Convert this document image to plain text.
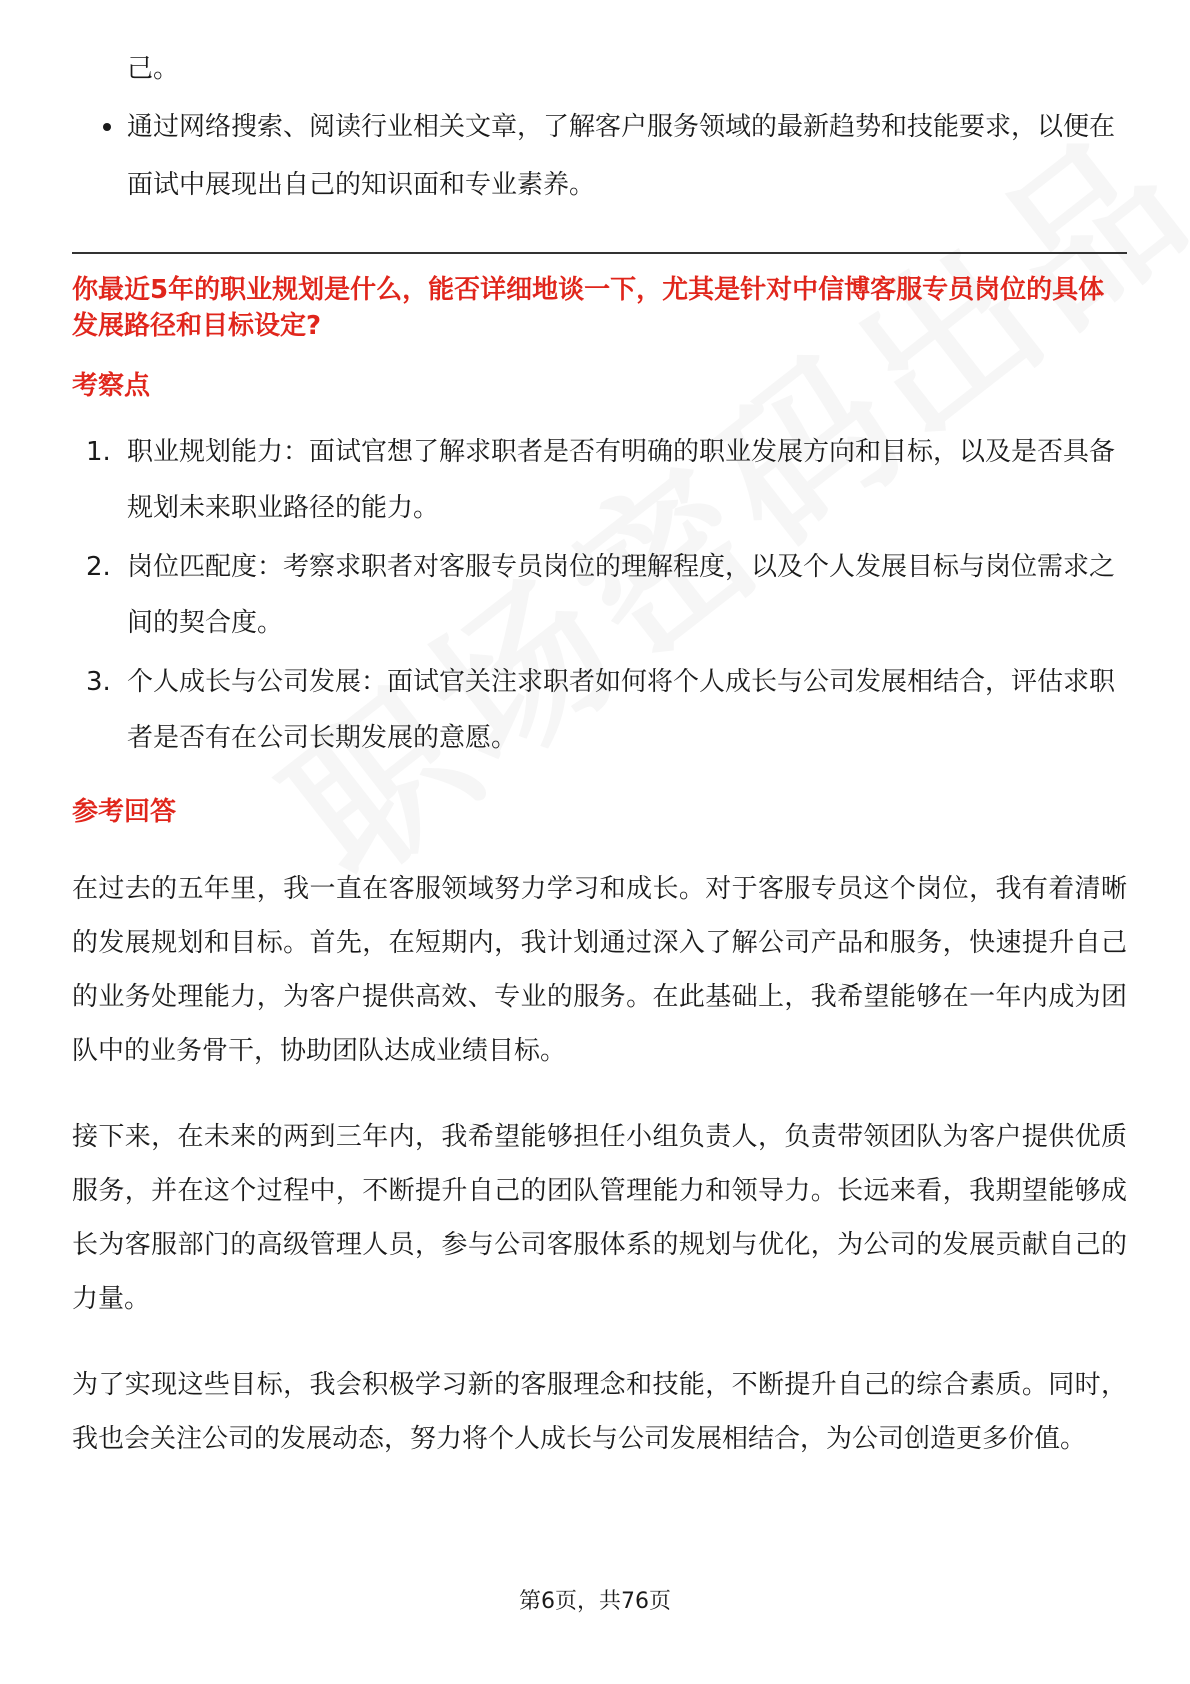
己。
通过网络搜索、阅读行业相关文章，了解客户服务领域的最新趋势和技能要求，以便在面试中展现出自己的知识面和专业素养。
你最近5年的职业规划是什么，能否详细地谈一下，尤其是针对中信博客服专员岗位的具体发展路径和目标设定?
考察点
1. 职业规划能力：面试官想了解求职者是否有明确的职业发展方向和目标，以及是否具备规划未来职业路径的能力。
2. 岗位匹配度：考察求职者对客服专员岗位的理解程度，以及个人发展目标与岗位需求之间的契合度。
3. 个人成长与公司发展：面试官关注求职者如何将个人成长与公司发展相结合，评估求职者是否有在公司长期发展的意愿。
参考回答
在过去的五年里，我一直在客服领域努力学习和成长。对于客服专员这个岗位，我有着清晰的发展规划和目标。首先，在短期内，我计划通过深入了解公司产品和服务，快速提升自己的业务处理能力，为客户提供高效、专业的服务。在此基础上，我希望能够在一年内成为团队中的业务骨干，协助团队达成业绩目标。
接下来，在未来的两到三年内，我希望能够担任小组负责人，负责带领团队为客户提供优质服务，并在这个过程中，不断提升自己的团队管理能力和领导力。长远来看，我期望能够成长为客服部门的高级管理人员，参与公司客服体系的规划与优化，为公司的发展贡献自己的力量。
为了实现这些目标，我会积极学习新的客服理念和技能，不断提升自己的综合素质。同时，我也会关注公司的发展动态，努力将个人成长与公司发展相结合，为公司创造更多价值。
第6页，共76页
